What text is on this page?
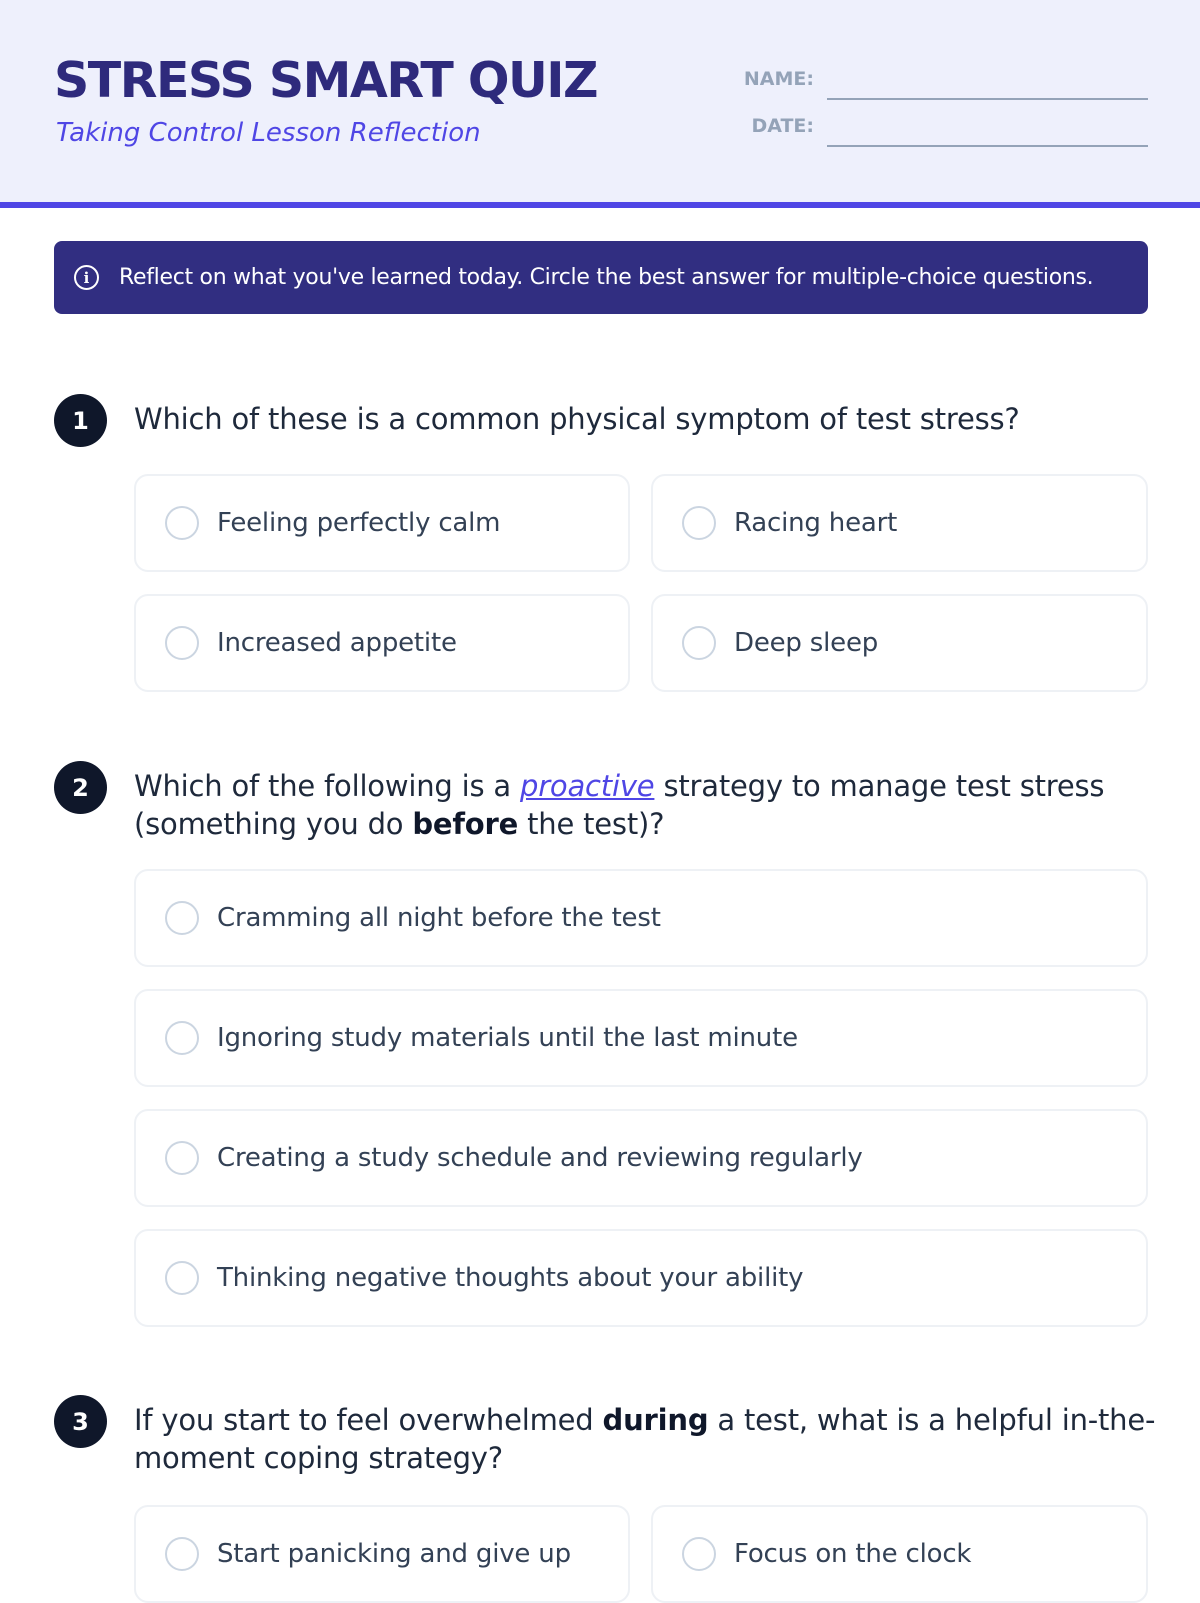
STRESS SMART QUIZ
Taking Control Lesson Reflection
NAME:
DATE:
i	Reflect on what you've learned today. Circle the best answer for multiple-choice questions.
1	Which of these is a common physical symptom of test stress?
Feeling perfectly calm	Racing heart
Increased appetite	Deep sleep
2	Which of the following is a proactive strategy to manage test stress (something you do before the test)?
Cramming all night before the test
Ignoring study materials until the last minute
Creating a study schedule and reviewing regularly
Thinking negative thoughts about your ability
3	If you start to feel overwhelmed during a test, what is a helpful in-the-moment coping strategy?
Start panicking and give up	Focus on the clock
